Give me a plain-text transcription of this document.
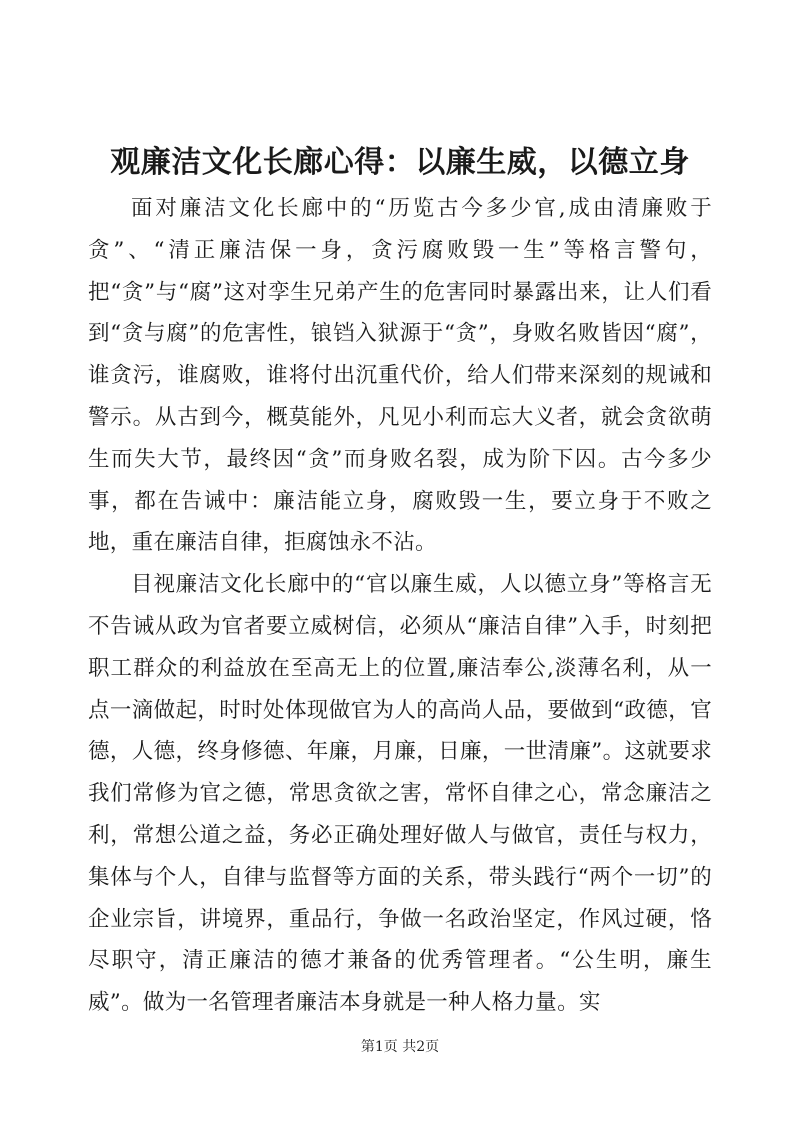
观廉洁文化长廊心得：以廉生威，以德立身

面对廉洁文化长廊中的“历览古今多少官,成由清廉败于贪”、“清正廉洁保一身，贪污腐败毁一生”等格言警句，把“贪”与“腐”这对孪生兄弟产生的危害同时暴露出来，让人们看到“贪与腐”的危害性，锒铛入狱源于“贪”，身败名败皆因“腐”，谁贪污，谁腐败，谁将付出沉重代价，给人们带来深刻的规诫和警示。从古到今，概莫能外，凡见小利而忘大义者，就会贪欲萌生而失大节，最终因“贪”而身败名裂，成为阶下囚。古今多少事，都在告诫中：廉洁能立身，腐败毁一生，要立身于不败之地，重在廉洁自律，拒腐蚀永不沾。

目视廉洁文化长廊中的“官以廉生威，人以德立身”等格言无不告诫从政为官者要立威树信，必须从“廉洁自律”入手，时刻把职工群众的利益放在至高无上的位置,廉洁奉公,淡薄名利，从一点一滴做起，时时处体现做官为人的高尚人品，要做到“政德，官德，人德，终身修德、年廉，月廉，日廉，一世清廉”。这就要求我们常修为官之德，常思贪欲之害，常怀自律之心，常念廉洁之利，常想公道之益，务必正确处理好做人与做官，责任与权力，集体与个人，自律与监督等方面的关系，带头践行“两个一切”的企业宗旨，讲境界，重品行，争做一名政治坚定，作风过硬，恪尽职守，清正廉洁的德才兼备的优秀管理者。“公生明，廉生威”。做为一名管理者廉洁本身就是一种人格力量。实

第1页 共2页
